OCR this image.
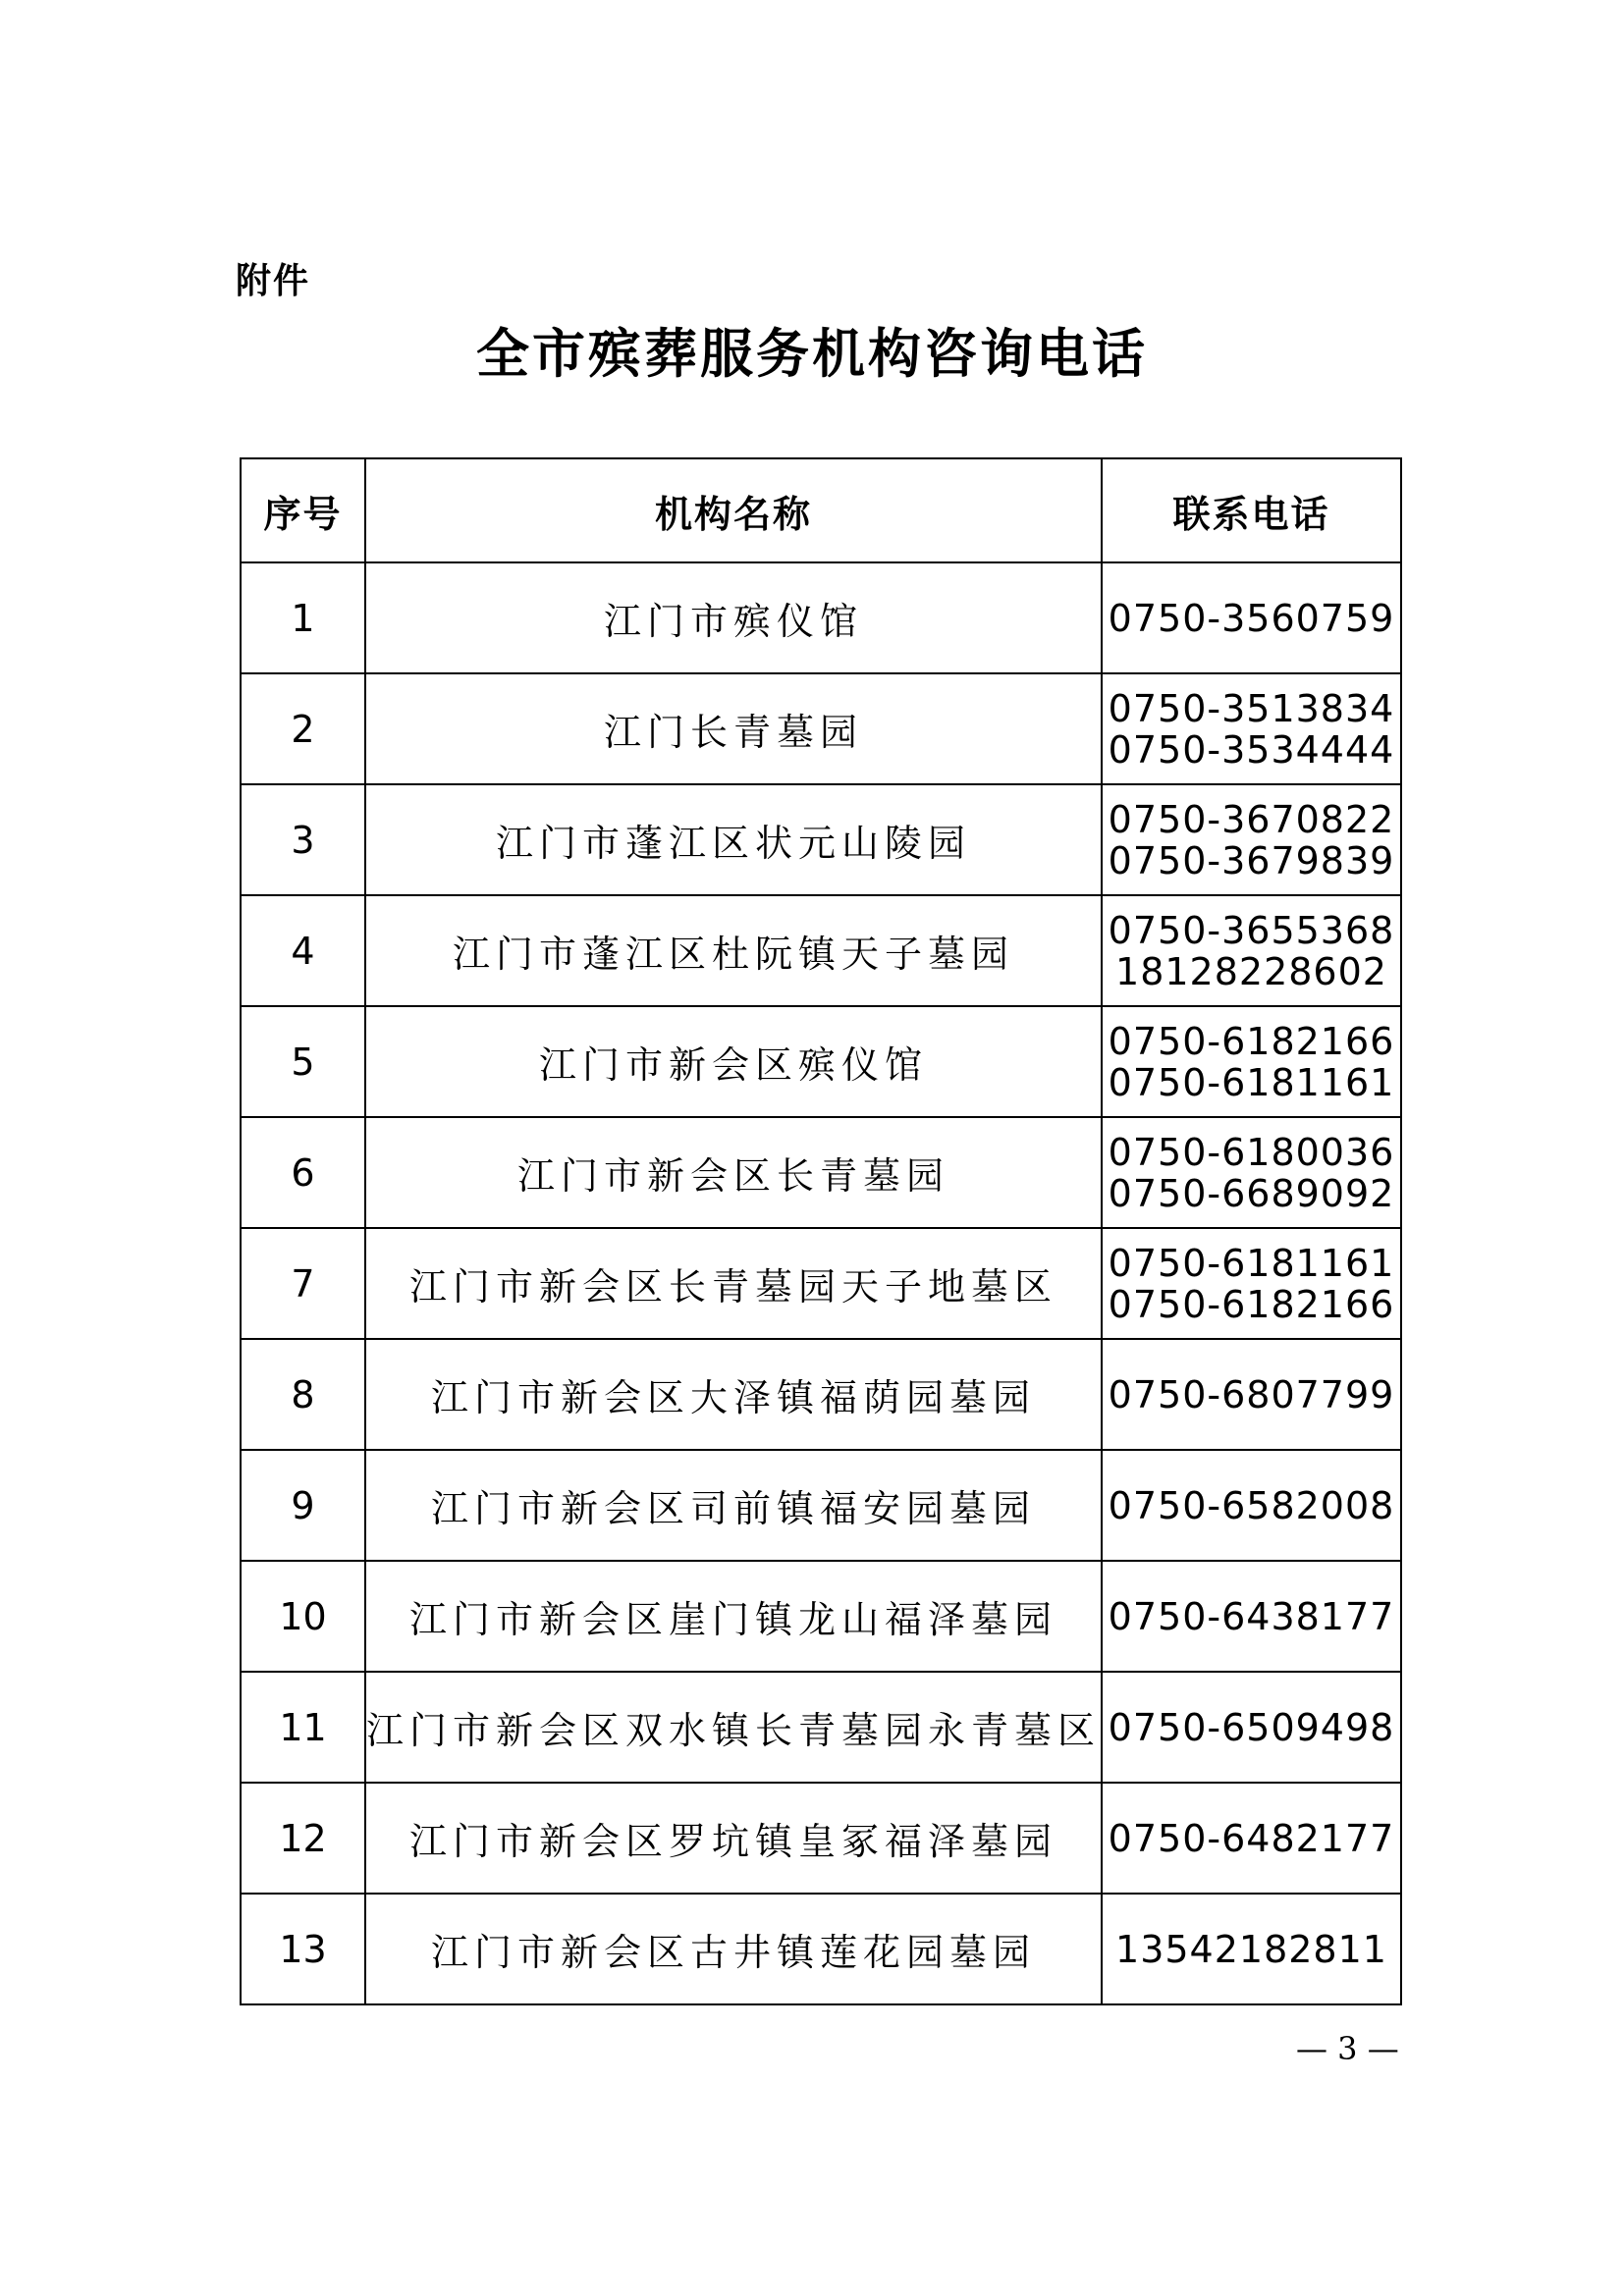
附件
全市殡葬服务机构咨询电话
序号	机构名称	联系电话
1	江门市殡仪馆	0750-3560759

2	江门长青墓园	0750-3513834
0750-3534444

3	江门市蓬江区状元山陵园	0750-3670822
0750-3679839

4	江门市蓬江区杜阮镇天子墓园	0750-3655368
18128228602

5	江门市新会区殡仪馆	0750-6182166
0750-6181161

6	江门市新会区长青墓园	0750-6180036
0750-6689092

7	江门市新会区长青墓园天子地墓区	0750-6181161
0750-6182166

8	江门市新会区大泽镇福荫园墓园	0750-6807799

9	江门市新会区司前镇福安园墓园	0750-6582008

10	江门市新会区崖门镇龙山福泽墓园	0750-6438177

11	江门市新会区双水镇长青墓园永青墓区	0750-6509498

12	江门市新会区罗坑镇皇冢福泽墓园	0750-6482177

13	江门市新会区古井镇莲花园墓园	13542182811
— 3 —
